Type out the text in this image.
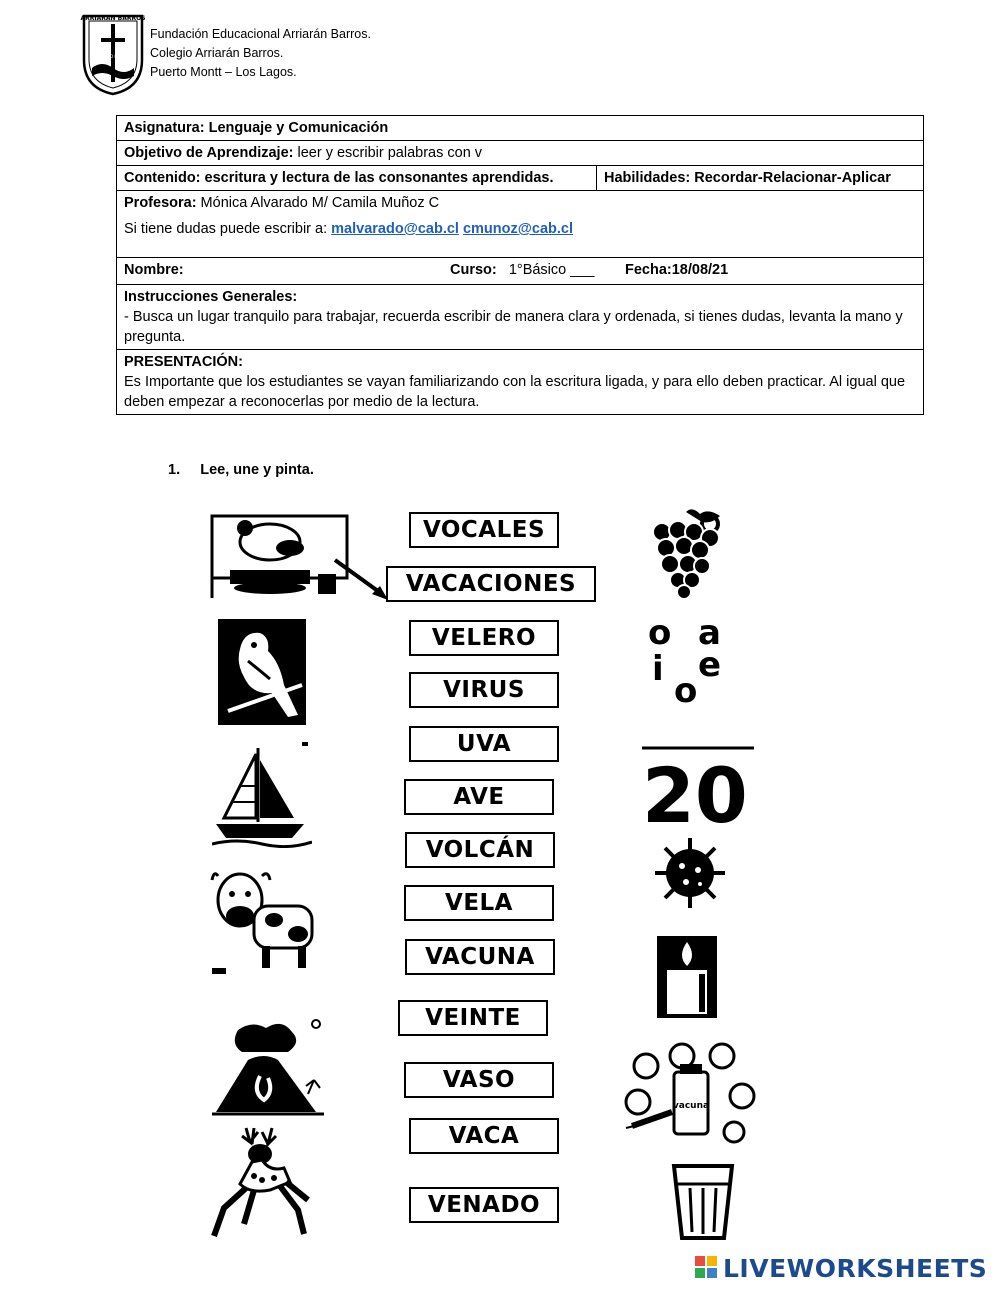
ARRIARAN BARROS
PUERTO MONTT
Fundación Educacional Arriarán Barros.
Colegio Arriarán Barros.
Puerto Montt – Los Lagos.
Asignatura: Lenguaje y Comunicación
Objetivo de Aprendizaje: leer y escribir palabras con v
Contenido: escritura y lectura de las consonantes aprendidas.	Habilidades: Recordar-Relacionar-Aplicar

Profesora: Mónica Alvarado M/ Camila Muñoz C
Si tiene dudas puede escribir a: malvarado@cab.cl cmunoz@cab.cl

Nombre:	Curso: 1°Básico ___ Fecha:18/08/21

Instrucciones Generales:
- Busca un lugar tranquilo para trabajar, recuerda escribir de manera clara y ordenada, si tienes dudas, levanta la mano y pregunta.
PRESENTACIÓN:
Es Importante que los estudiantes se vayan familiarizando con la escritura ligada, y para ello deben practicar. Al igual que deben empezar a reconocerlas por medio de la lectura.
1. Lee, une y pinta.
VOCALES
VACACIONES
VELERO
VIRUS
UVA
AVE
VOLCÁN
VELA
VACUNA
VEINTE
VASO
VACA
VENADO
o a
i e
o
20
vacuna
LIVEWORKSHEETS
